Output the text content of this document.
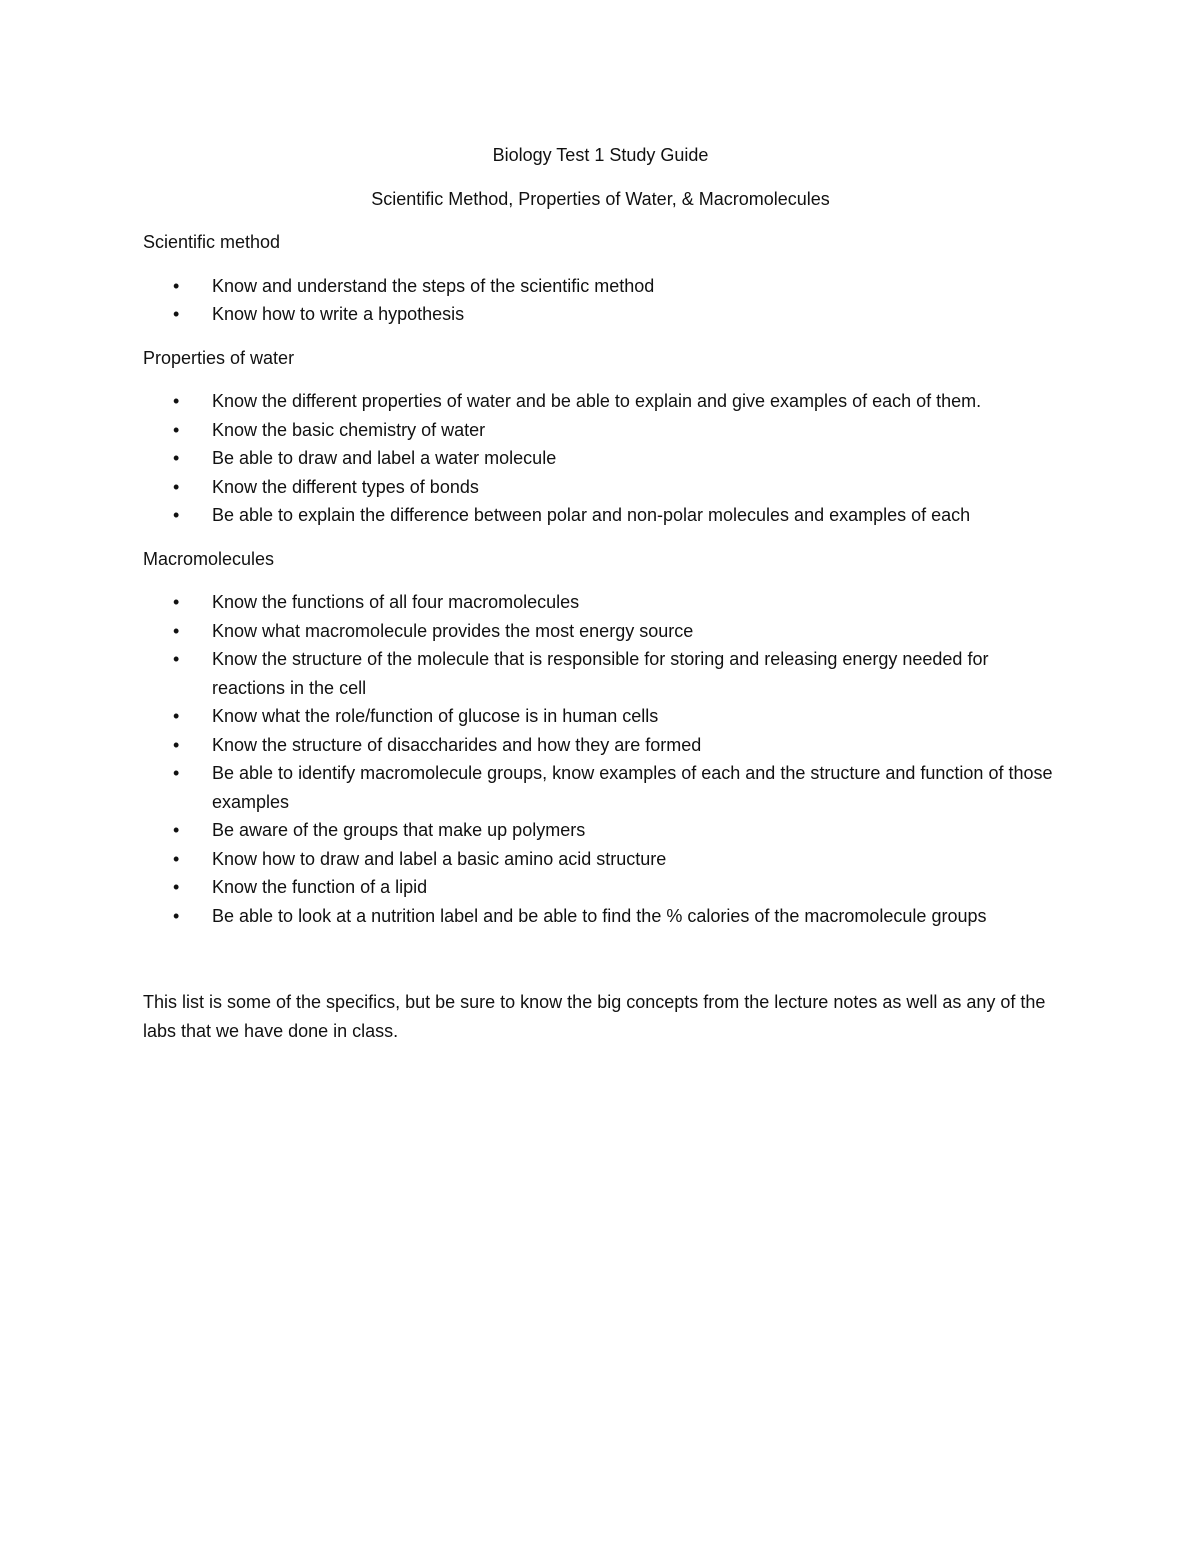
Biology Test 1 Study Guide

Scientific Method, Properties of Water, & Macromolecules

Scientific method

• Know and understand the steps of the scientific method
• Know how to write a hypothesis

Properties of water

• Know the different properties of water and be able to explain and give examples of each of them.
• Know the basic chemistry of water
• Be able to draw and label a water molecule
• Know the different types of bonds
• Be able to explain the difference between polar and non-polar molecules and examples of each

Macromolecules

• Know the functions of all four macromolecules
• Know what macromolecule provides the most energy source
• Know the structure of the molecule that is responsible for storing and releasing energy needed for reactions in the cell
• Know what the role/function of glucose is in human cells
• Know the structure of disaccharides and how they are formed
• Be able to identify macromolecule groups, know examples of each and the structure and function of those examples
• Be aware of the groups that make up polymers
• Know how to draw and label a basic amino acid structure
• Know the function of a lipid
• Be able to look at a nutrition label and be able to find the % calories of the macromolecule groups

This list is some of the specifics, but be sure to know the big concepts from the lecture notes as well as any of the labs that we have done in class.
